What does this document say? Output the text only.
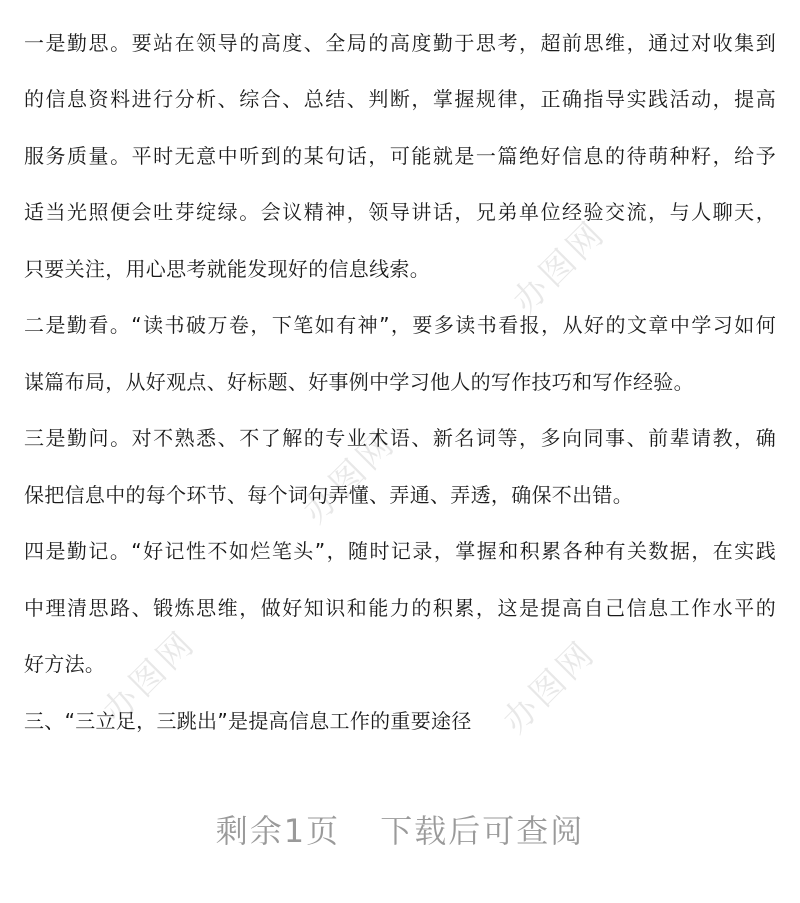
办图网
办图网
办图网	办图网
一是勤思。要站在领导的高度、全局的高度勤于思考，超前思维，通过对收集到
的信息资料进行分析、综合、总结、判断，掌握规律，正确指导实践活动，提高
服务质量。平时无意中听到的某句话，可能就是一篇绝好信息的待萌种籽，给予
适当光照便会吐芽绽绿。会议精神，领导讲话，兄弟单位经验交流，与人聊天，
只要关注，用心思考就能发现好的信息线索。
二是勤看。“读书破万卷，下笔如有神”，要多读书看报，从好的文章中学习如何
谋篇布局，从好观点、好标题、好事例中学习他人的写作技巧和写作经验。
三是勤问。对不熟悉、不了解的专业术语、新名词等，多向同事、前辈请教，确
保把信息中的每个环节、每个词句弄懂、弄通、弄透，确保不出错。
四是勤记。“好记性不如烂笔头”，随时记录，掌握和积累各种有关数据，在实践
中理清思路、锻炼思维，做好知识和能力的积累，这是提高自己信息工作水平的
好方法。
三、“三立足，三跳出”是提高信息工作的重要途径
剩余1页 下载后可查阅
